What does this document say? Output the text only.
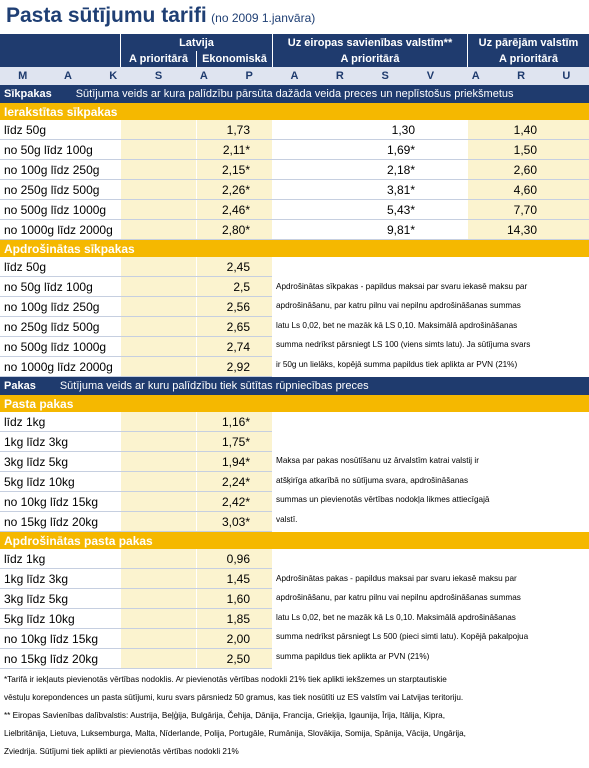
Pasta sūtījumu tarifi (no 2009 1.janvāra)
Latvija	Uz eiropas savienības valstīm**	Uz pārējām valstīm
A prioritārā	Ekonomiskā	A prioritārā	A prioritārā
M	A	K	S	A	P	A	R	S	V	A	R	U
Sīkpakas Sūtījuma veids ar kura palīdzību pārsūta dažāda veida preces un neplīstošus priekšmetus
Ierakstītas sīkpakas
līdz 50g	1,73	1,30	1,40
no 50g līdz 100g	2,11*	1,69*	1,50
no 100g līdz 250g	2,15*	2,18*	2,60
no 250g līdz 500g	2,26*	3,81*	4,60
no 500g līdz 1000g	2,46*	5,43*	7,70
no 1000g līdz 2000g	2,80*	9,81*	14,30
Apdrošinātas sīkpakas
līdz 50g	2,45
no 50g līdz 100g	2,5
no 100g līdz 250g	2,56
no 250g līdz 500g	2,65
no 500g līdz 1000g	2,74
no 1000g līdz 2000g	2,92
Apdrošinātas sīkpakas - papildus maksai par svaru iekasē maksu par
apdrošināšanu, par katru pilnu vai nepilnu apdrošināšanas summas
latu Ls 0,02, bet ne mazāk kā LS 0,10. Maksimālā apdrošināšanas
summa nedrīkst pārsniegt LS 100 (viens simts latu). Ja sūtījuma svars
ir 50g un lielāks, kopējā summa papildus tiek aplikta ar PVN (21%)
Pakas Sūtījuma veids ar kuru palīdzību tiek sūtītas rūpniecības preces
Pasta pakas
līdz 1kg	1,16*
1kg līdz 3kg	1,75*
3kg līdz 5kg	1,94*
5kg līdz 10kg	2,24*
no 10kg līdz 15kg	2,42*
no 15kg līdz 20kg	3,03*
Maksa par pakas nosūtīšanu uz ārvalstīm katrai valstij ir
atšķirīga atkarībā no sūtījuma svara, apdrošināšanas
summas un pievienotās vērtības nodokļa likmes attiecīgajā
valstī.
Apdrošinātas pasta pakas
līdz 1kg	0,96
1kg līdz 3kg	1,45
3kg līdz 5kg	1,60
5kg līdz 10kg	1,85
no 10kg līdz 15kg	2,00
no 15kg līdz 20kg	2,50
Apdrošinātas pakas - papildus maksai par svaru iekasē maksu par
apdrošināšanu, par katru pilnu vai nepilnu apdrošināšanas summas
latu Ls 0,02, bet ne mazāk kā Ls 0,10. Maksimālā apdrošināšanas
summa nedrīkst pārsniegt Ls 500 (pieci simti latu). Kopējā pakalpojua
summa papildus tiek aplikta ar PVN (21%)
*Tarifā ir iekļauts pievienotās vērtības nodoklis. Ar pievienotās vērtības nodokli 21% tiek aplikti iekšzemes un starptautiskie
vēstuļu korepondences un pasta sūtījumi, kuru svars pārsniedz 50 gramus, kas tiek nosūtīti uz ES valstīm vai Latvijas teritoriju.
** Eiropas Savienības dalībvalstis: Austrija, Beļģija, Bulgārija, Čehija, Dānija, Francija, Grieķija, Igaunija, Īrija, Itālija, Kipra,
Lielbritānija, Lietuva, Luksemburga, Malta, Nīderlande, Polija, Portugāle, Rumānija, Slovākija, Somija, Spānija, Vācija, Ungārija,
Zviedrija. Sūtījumi tiek aplikti ar pievienotās vērtības nodokli 21%
